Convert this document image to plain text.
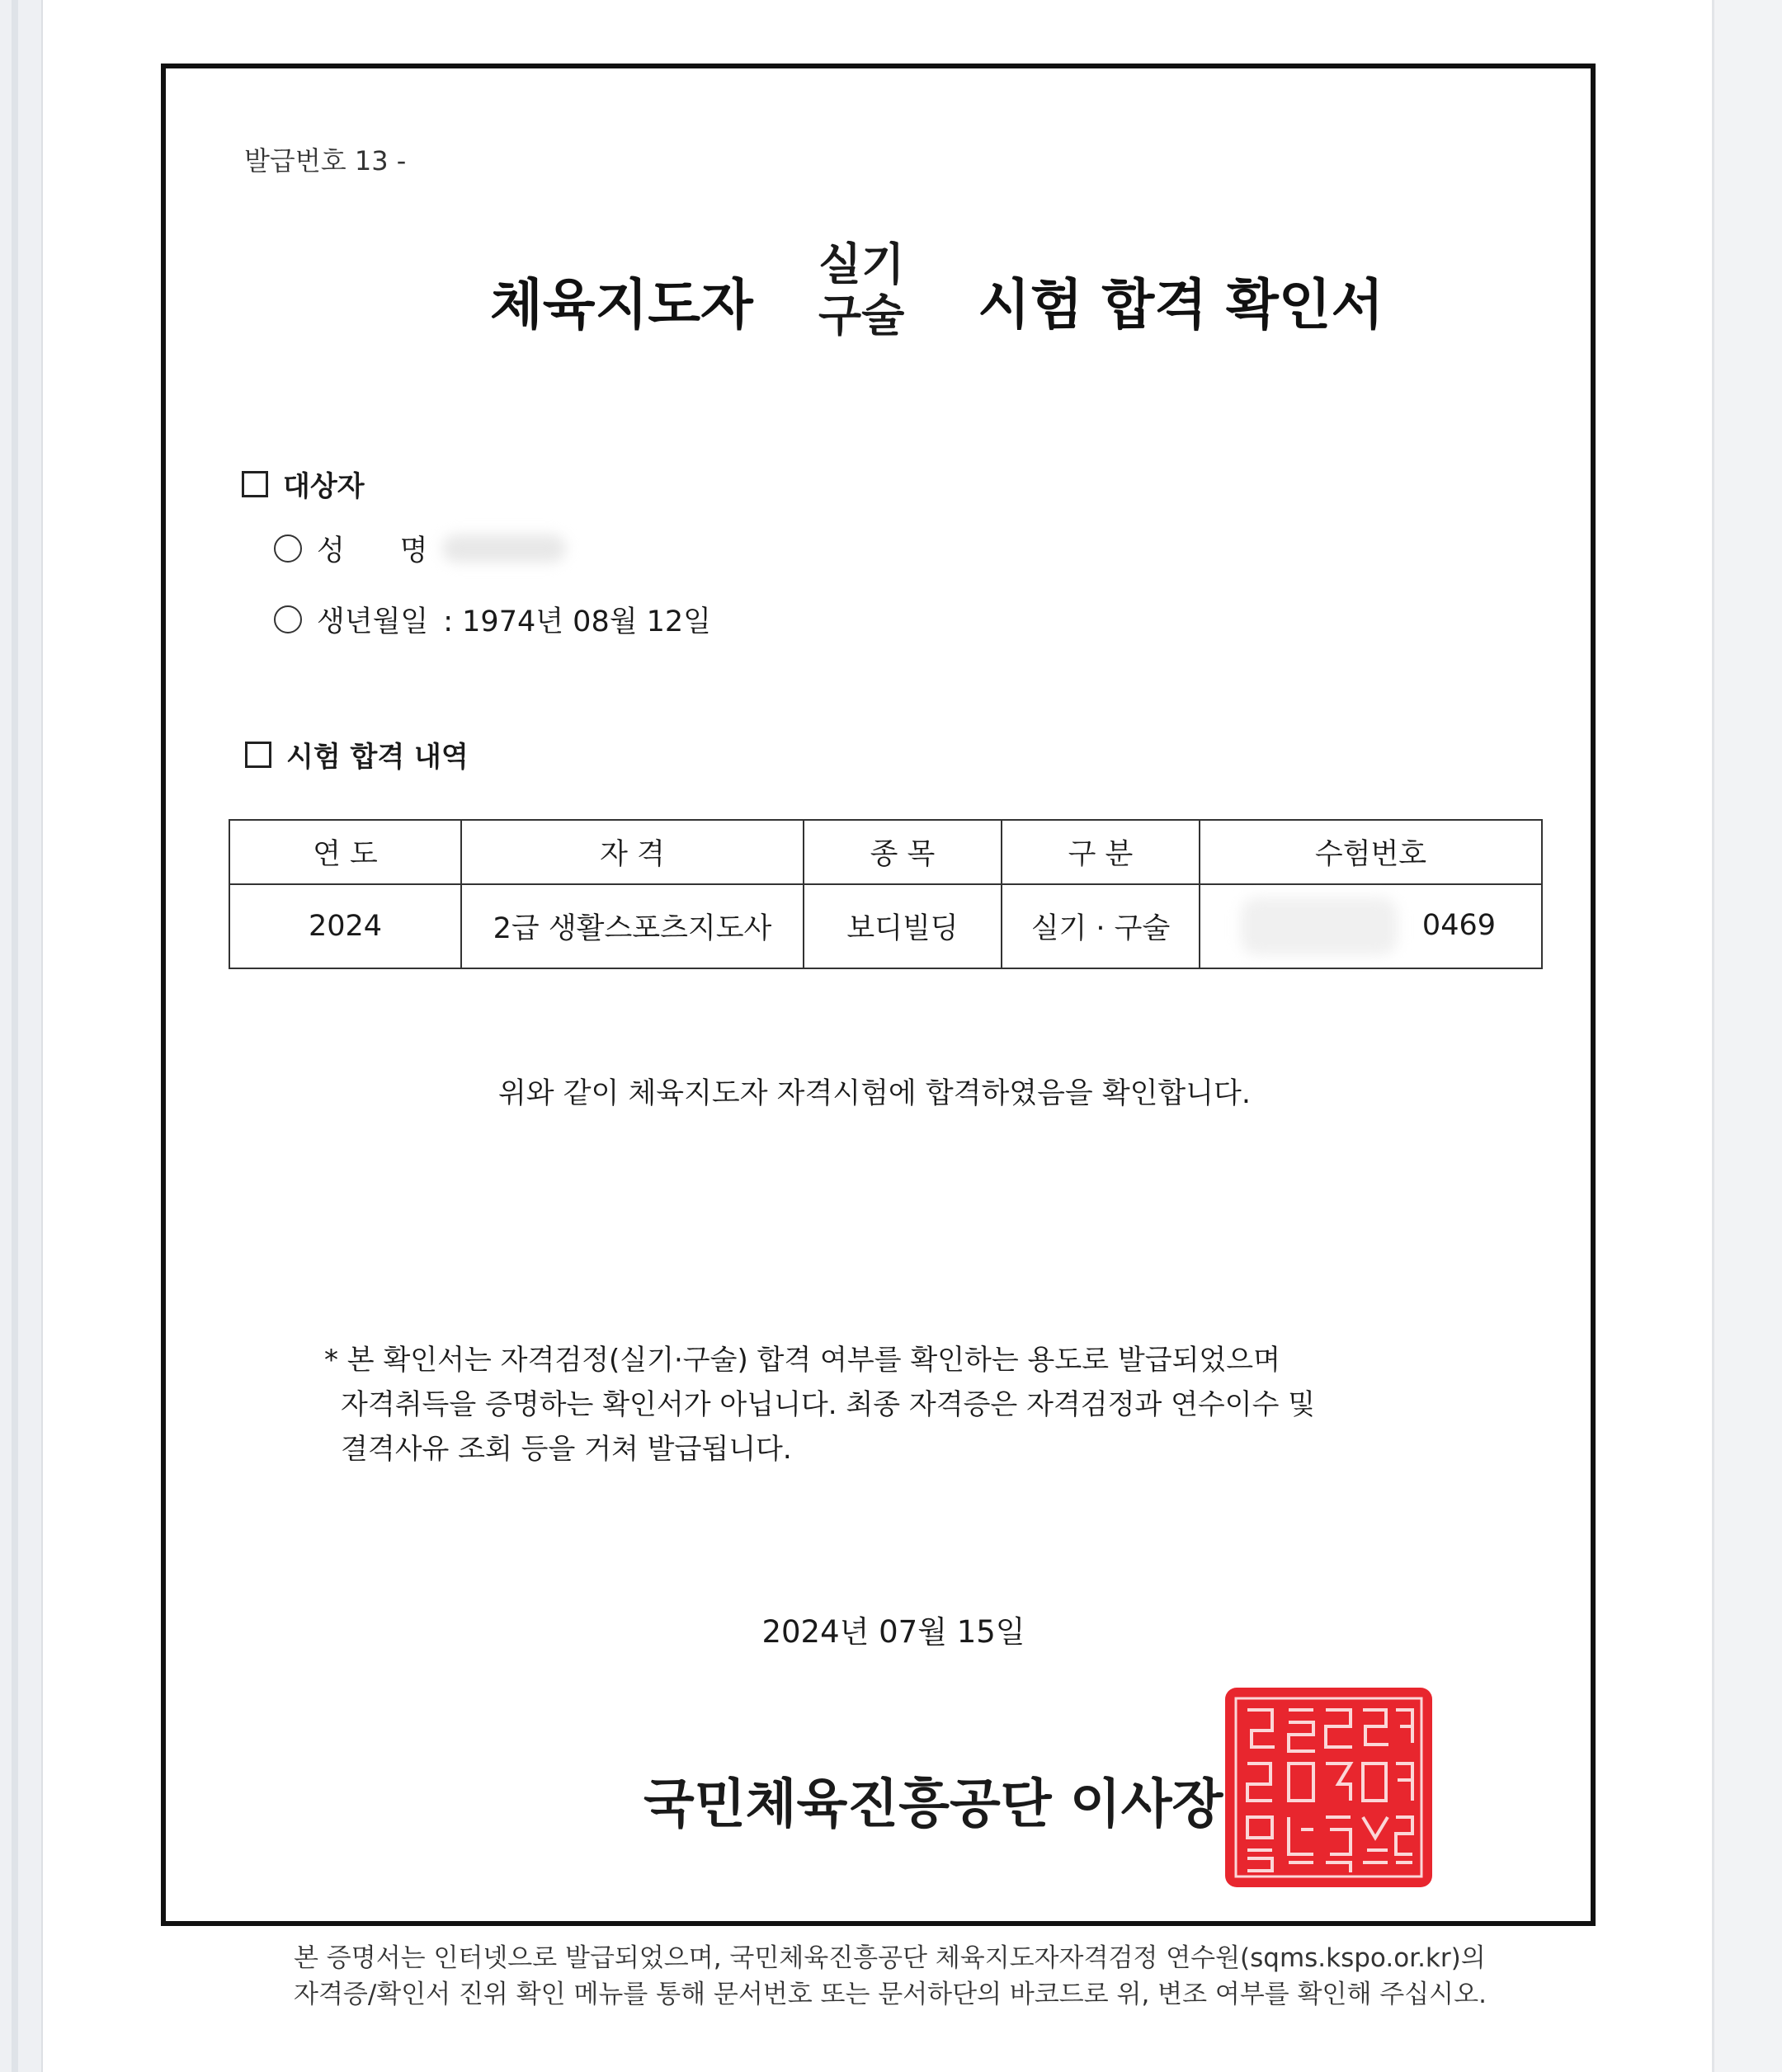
발급번호 13 -
체육지도자
실기
구술 시험 합격 확인서
대상자
성      명
생년월일 : 1974년 08월 12일
시험 합격 내역
연 도	자 격	종 목	구 분	수험번호
2024	2급 생활스포츠지도사	보디빌딩	실기 · 구술	0469
위와 같이 체육지도자 자격시험에 합격하였음을 확인합니다.
* 본 확인서는 자격검정(실기·구술) 합격 여부를 확인하는 용도로 발급되었으며
자격취득을 증명하는 확인서가 아닙니다. 최종 자격증은 자격검정과 연수이수 및
결격사유 조회 등을 거쳐 발급됩니다.
2024년 07월 15일
국민체육진흥공단 이사장
본 증명서는 인터넷으로 발급되었으며, 국민체육진흥공단 체육지도자자격검정 연수원(sqms.kspo.or.kr)의
자격증/확인서 진위 확인 메뉴를 통해 문서번호 또는 문서하단의 바코드로 위, 변조 여부를 확인해 주십시오.
